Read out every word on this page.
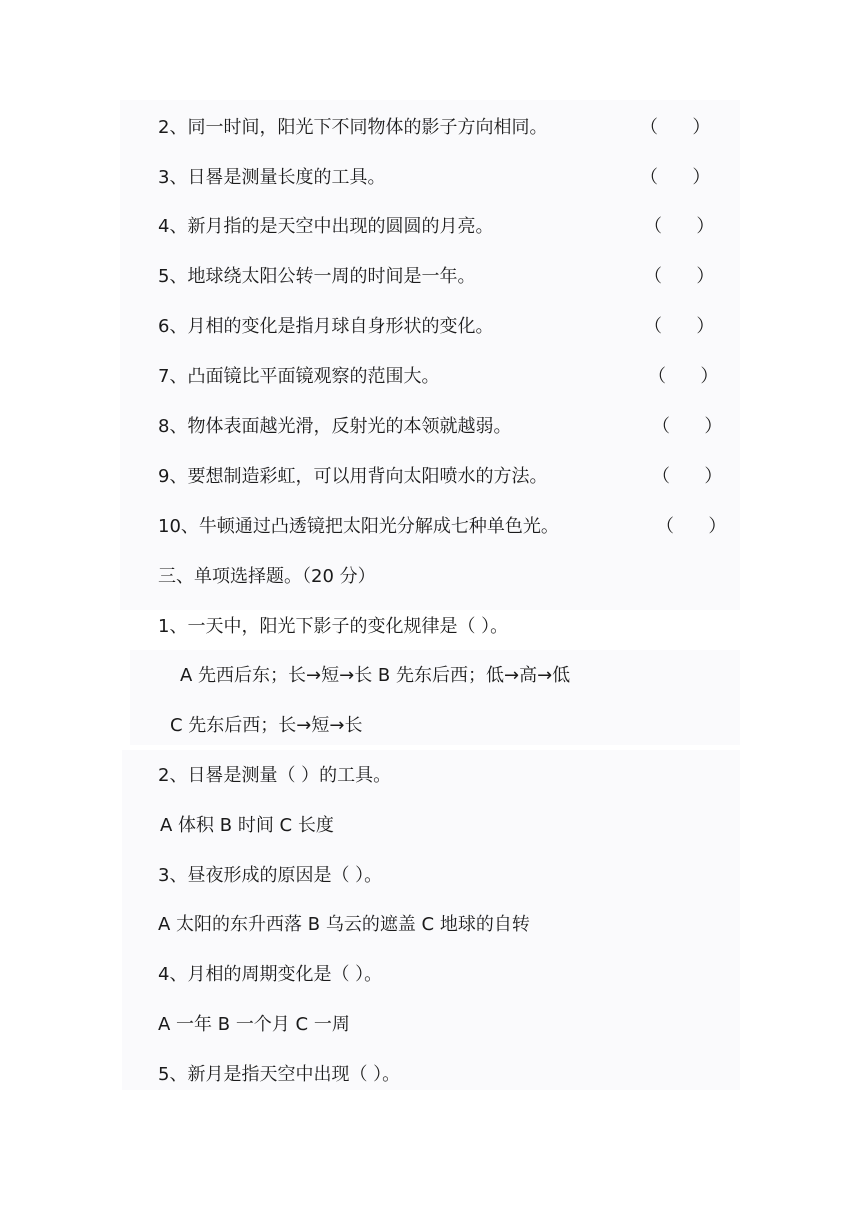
2、同一时间，阳光下不同物体的影子方向相同。	（      ）
3、日晷是测量长度的工具。	（      ）
4、新月指的是天空中出现的圆圆的月亮。	（      ）
5、地球绕太阳公转一周的时间是一年。	（      ）
6、月相的变化是指月球自身形状的变化。	（      ）
7、凸面镜比平面镜观察的范围大。	（      ）
8、物体表面越光滑，反射光的本领就越弱。	（      ）
9、要想制造彩虹，可以用背向太阳喷水的方法。	（      ）
10、牛顿通过凸透镜把太阳光分解成七种单色光。	（      ）
三、单项选择题。（20 分）
1、一天中，阳光下影子的变化规律是（ ）。
A 先西后东；长→短→长 B 先东后西；低→高→低
C 先东后西；长→短→长
2、日晷是测量（ ）的工具。
A 体积 B 时间 C 长度
3、昼夜形成的原因是（ ）。
A 太阳的东升西落 B 乌云的遮盖 C 地球的自转
4、月相的周期变化是（ ）。
A 一年 B 一个月 C 一周
5、新月是指天空中出现（ ）。
